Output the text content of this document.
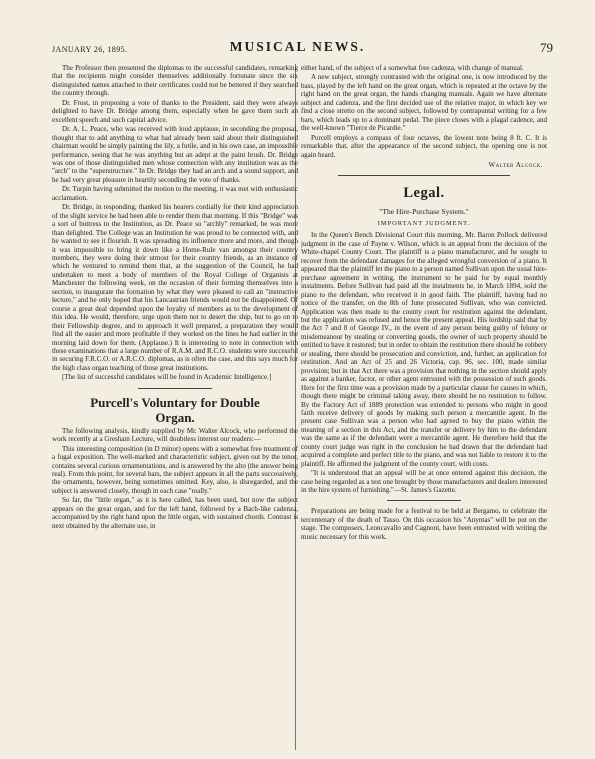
JANUARY 26, 1895.	MUSICAL NEWS.	79

The Professor then presented the diplomas to the successful candidates, remarking that the recipients might consider themselves additionally fortunate since the six distinguished names attached to their certificates could not be bettered if they searched the country through.

Dr. Frost, in proposing a vote of thanks to the President, said they were always delighted to have Dr. Bridge among them, especially when he gave them such an excellent speech and such capital advice.

Dr. A. L. Peace, who was received with loud applause, in seconding the proposal, thought that to add anything to what had already been said about their distinguished chairman would be simply painting the lily, a futile, and in his own case, an impossible performance, seeing that he was anything but an adept at the paint brush. Dr. Bridge was one of those distinguished men whose connection with any institution was as the "arch" to the "superstructure." In Dr. Bridge they had an arch and a sound support, and he had very great pleasure in heartily seconding the vote of thanks.

Dr. Turpin having submitted the motion to the meeting, it was met with enthusiastic acclamation.

Dr. Bridge, in responding, thanked his hearers cordially for their kind appreciation of the slight service he had been able to render them that morning. If this "Bridge" was a sort of buttress to the Institution, as Dr. Peace so "archly" remarked, he was more than delighted. The College was an Institution he was proud to be connected with, and he wanted to see it flourish. It was spreading its influence more and more, and though it was impossible to bring it down like a Home-Rule van amongst their country members, they were doing their utmost for their country friends, as an instance of which he ventured to remind them that, at the suggestion of the Council, he had undertaken to meet a body of members of the Royal College of Organists at Manchester the following week, on the occasion of their forming themselves into a section, to inaugurate the formation by what they were pleased to call an "instructive lecture," and he only hoped that his Lancastrian friends would not be disappointed. Of course a great deal depended upon the loyalty of members as to the development of this idea. He would, therefore, urge upon them not to desert the ship, but to go on to their Fellowship degree, and to approach it well prepared, a preparation they would find all the easier and more profitable if they worked on the lines he had earlier in the morning laid down for them. (Applause.) It is interesting to note in connection with these examinations that a large number of R.A.M. and R.C.O. students were successful in securing F.R.C.O. or A.R.C.O. diplomas, as is often the case, and this says much for the high class organ teaching of those great institutions.

[The list of successful candidates will be found in Academic Intelligence.]

Purcell's Voluntary for Double
Organ.

The following analysis, kindly supplied by Mr. Walter Alcock, who performed the work recently at a Gresham Lecture, will doubtless interest our readers:—

This interesting composition (in D minor) opens with a somewhat free treatment of a fugal exposition. The well-marked and characteristic subject, given out by the tenor, contains several curious ornamentations, and is answered by the alto (the answer being real). From this point, for several bars, the subject appears in all the parts successively, the ornaments, however, being sometimes omitted. Key, also, is disregarded, and the subject is answered closely, though in each case "really."

So far, the "little organ," as it is here called, has been used, but now the subject appears on the great organ, and for the left hand, followed by a Bach-like cadenza, accompanied by the right hand upon the little organ, with sustained chords. Contrast is next obtained by the alternate use, in

either hand, of the subject of a somewhat free cadenza, with change of manual.

A new subject, strongly contrasted with the original one, is now introduced by the bass, played by the left hand on the great organ, which is repeated at the octave by the right hand on the great organ, the hands changing manuals. Again we have alternate subject and cadenza, and the first decided use of the relative major, in which key we find a close stretto on the second subject, followed by contrapuntal writing for a few bars, which leads up to a dominant pedal. The piece closes with a plagal cadence, and the well-known "Tierce de Picardie."

Purcell employs a compass of four octaves, the lowest note being 8 ft. C. It is remarkable that, after the appearance of the second subject, the opening one is not again heard.

Walter Alcock.

Legal.
"The Hire-Purchase System."
IMPORTANT JUDGMENT.

In the Queen's Bench Divisional Court this morning, Mr. Baron Pollock delivered judgment in the case of Payne v. Wilson, which is an appeal from the decision of the White-chapel County Court. The plaintiff is a piano manufacturer, and he sought to recover from the defendant damages for the alleged wrongful conversion of a piano. It appeared that the plaintiff let the piano to a person named Sullivan upon the usual hire-purchase agreement in writing, the instrument to be paid for by equal monthly instalments. Before Sullivan had paid all the instalments he, in March 1894, sold the piano to the defendant, who received it in good faith. The plaintiff, having had no notice of the transfer, on the 8th of June prosecuted Sullivan, who was convicted. Application was then made to the county court for restitution against the defendant, but the application was refused and hence the present appeal. His lordship said that by the Act 7 and 8 of George IV., in the event of any person being guilty of felony or misdemeanour by stealing or converting goods, the owner of such property should be entitled to have it restored; but in order to obtain the restitution there should be robbery or stealing, there should be prosecution and conviction, and, further, an application for restitution. And an Act of 25 and 26 Victoria, cap. 96, sec. 100, made similar provision; but in that Act there was a provision that nothing in the section should apply as against a banker, factor, or other agent entrusted with the possession of such goods. Here for the first time was a provision made by a particular clause for causes in which, though there might be criminal taking away, there should be no restitution to follow. By the Factory Act of 1889 protection was extended to persons who might in good faith receive delivery of goods by making such person a mercantile agent. In the present case Sullivan was a person who had agreed to buy the piano within the meaning of a section in this Act, and the transfer or delivery by him to the defendant was the same as if the defendant were a mercantile agent. He therefore held that the county court judge was right in the conclusion he had drawn that the defendant had acquired a complete and perfect title to the piano, and was not liable to restore it to the plaintiff. He affirmed the judgment of the county court, with costs.

"It is understood that an appeal will be at once entered against this decision, the case being regarded as a test one brought by those manufacturers and dealers interested in the hire system of furnishing."—St. James's Gazette.

Preparations are being made for a festival to be held at Bergamo, to celebrate the tercentenary of the death of Tasso. On this occasion his "Anyntas" will be put on the stage. The composers, Leoncavallo and Cagnoni, have been entrusted with writing the music necessary for this work.
